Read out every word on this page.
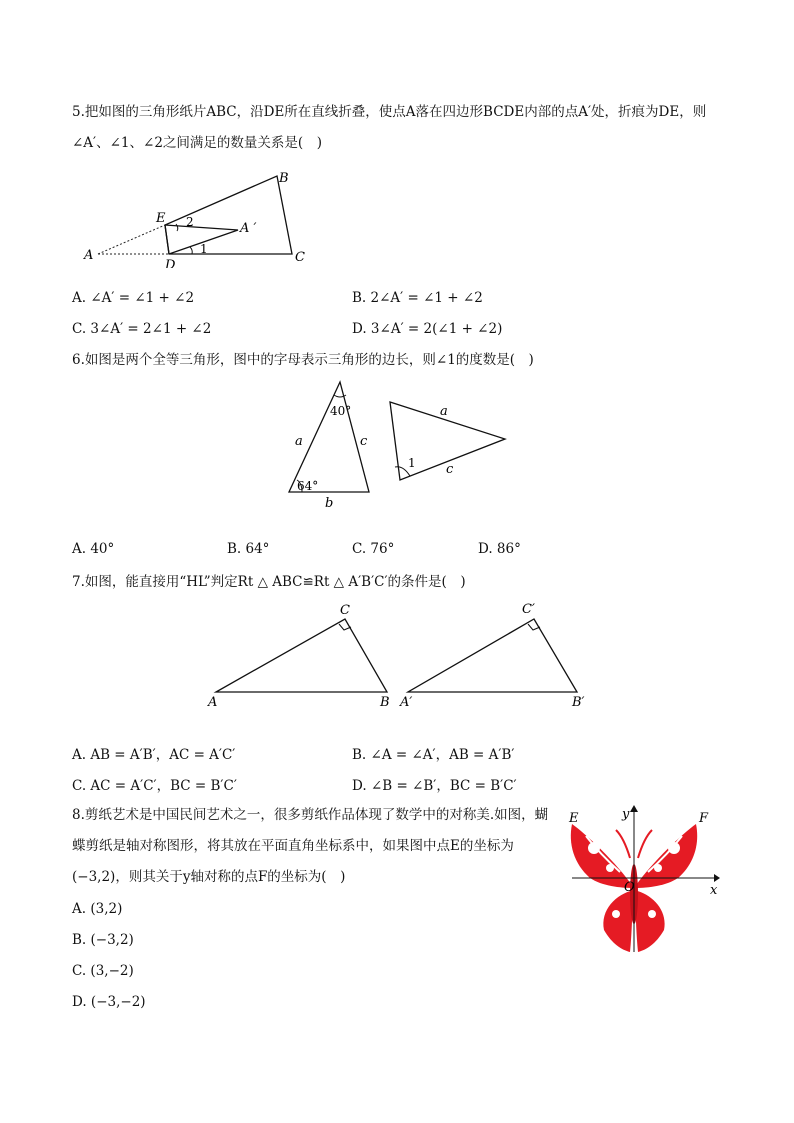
5.把如图的三角形纸片ABC，沿DE所在直线折叠，使点A落在四边形BCDE内部的点A′处，折痕为DE，则∠A′、∠1、∠2之间满足的数量关系是(　)
A
B
C
D
E
A ′
1
2
A. ∠A′ = ∠1 + ∠2	B. 2∠A′ = ∠1 + ∠2
C. 3∠A′ = 2∠1 + ∠2	D. 3∠A′ = 2(∠1 + ∠2)
6.如图是两个全等三角形，图中的字母表示三角形的边长，则∠1的度数是(　)
40°
64°
a	c
b
a
c
1
A. 40°	B. 64°	C. 76°	D. 86°
7.如图，能直接用“HL”判定Rt △ ABC≌Rt △ A′B′C′的条件是(　)
A	B
C
A′	B′
C′
A. AB = A′B′，AC = A′C′	B. ∠A = ∠A′，AB = A′B′
C. AC = A′C′，BC = B′C′	D. ∠B = ∠B′，BC = B′C′
8.剪纸艺术是中国民间艺术之一，很多剪纸作品体现了数学中的对称美.如图，蝴蝶剪纸是轴对称图形，将其放在平面直角坐标系中，如果图中点E的坐标为(−3,2)，则其关于y轴对称的点F的坐标为(　)
E	F
O	x
y
A. (3,2)
B. (−3,2)
C. (3,−2)
D. (−3,−2)
